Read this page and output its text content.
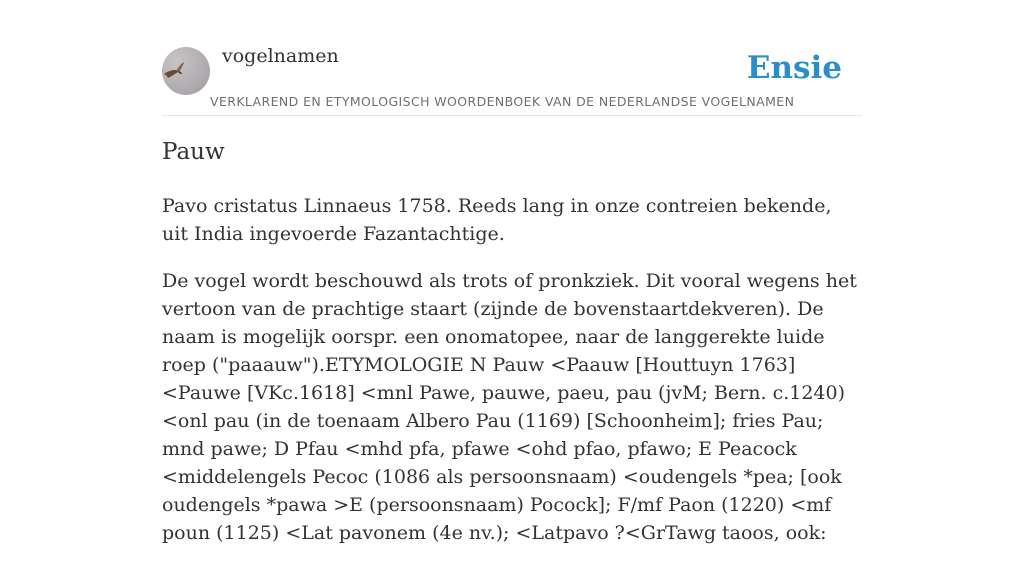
vogelnamen	Ensie
VERKLAREND EN ETYMOLOGISCH WOORDENBOEK VAN DE NEDERLANDSE VOGELNAMEN
Pauw

Pavo cristatus Linnaeus 1758. Reeds lang in onze contreien bekende, uit India ingevoerde Fazantachtige.

De vogel wordt beschouwd als trots of pronkziek. Dit vooral wegens het vertoon van de prachtige staart (zijnde de bovenstaartdekveren). De naam is mogelijk oorspr. een onomatopee, naar de langgerekte luide roep ("paaauw").ETYMOLOGIE N Pauw <Paauw [Houttuyn 1763] <Pauwe [VKc.1618] <mnl Pawe, pauwe, paeu, pau (jvM; Bern. c.1240) <onl pau (in de toenaam Albero Pau (1169) [Schoonheim]; fries Pau; mnd pawe; D Pfau <mhd pfa, pfawe <ohd pfao, pfawo; E Peacock <middelengels Pecoc (1086 als persoonsnaam) <oudengels *pea; [ook oudengels *pawa >E (persoonsnaam) Pocock]; F/mf Paon (1220) <mf poun (1125) <Lat pavonem (4e nv.); <Latpavo ?<GrTawg taoos, ook:
